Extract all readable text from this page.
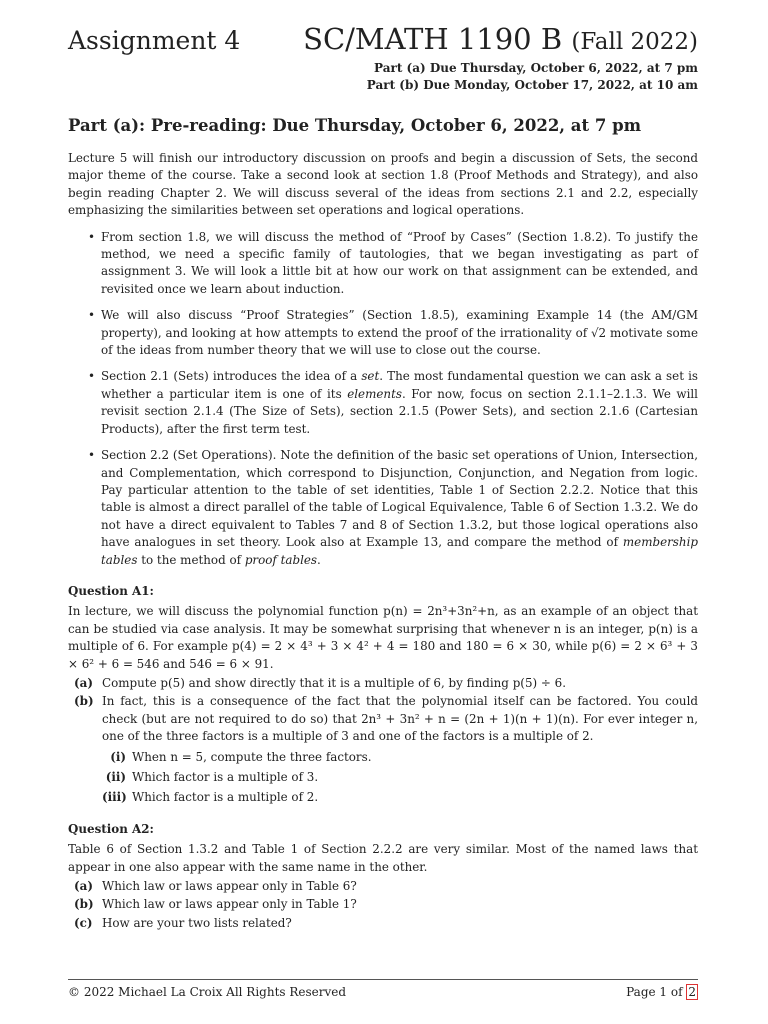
Assignment 4 SC/MATH 1190 B (Fall 2022)
Part (a) Due Thursday, October 6, 2022, at 7 pm
Part (b) Due Monday, October 17, 2022, at 10 am
Part (a): Pre-reading: Due Thursday, October 6, 2022, at 7 pm

Lecture 5 will finish our introductory discussion on proofs and begin a discussion of Sets, the second major theme of the course. Take a second look at section 1.8 (Proof Methods and Strategy), and also begin reading Chapter 2. We will discuss several of the ideas from sections 2.1 and 2.2, especially emphasizing the similarities between set operations and logical operations.

• From section 1.8, we will discuss the method of “Proof by Cases” (Section 1.8.2). To justify the method, we need a specific family of tautologies, that we began investigating as part of assignment 3. We will look a little bit at how our work on that assignment can be extended, and revisited once we learn about induction.
• We will also discuss “Proof Strategies” (Section 1.8.5), examining Example 14 (the AM/GM property), and looking at how attempts to extend the proof of the irrationality of √2 motivate some of the ideas from number theory that we will use to close out the course.
• Section 2.1 (Sets) introduces the idea of a set. The most fundamental question we can ask a set is whether a particular item is one of its elements. For now, focus on section 2.1.1–2.1.3. We will revisit section 2.1.4 (The Size of Sets), section 2.1.5 (Power Sets), and section 2.1.6 (Cartesian Products), after the first term test.
• Section 2.2 (Set Operations). Note the definition of the basic set operations of Union, Intersection, and Complementation, which correspond to Disjunction, Conjunction, and Negation from logic. Pay particular attention to the table of set identities, Table 1 of Section 2.2.2. Notice that this table is almost a direct parallel of the table of Logical Equivalence, Table 6 of Section 1.3.2. We do not have a direct equivalent to Tables 7 and 8 of Section 1.3.2, but those logical operations also have analogues in set theory. Look also at Example 13, and compare the method of membership tables to the method of proof tables.
Question A1:

In lecture, we will discuss the polynomial function p(n) = 2n³+3n²+n, as an example of an object that can be studied via case analysis. It may be somewhat surprising that whenever n is an integer, p(n) is a multiple of 6. For example p(4) = 2 × 4³ + 3 × 4² + 4 = 180 and 180 = 6 × 30, while p(6) = 2 × 6³ + 3 × 6² + 6 = 546 and 546 = 6 × 91.

(a) Compute p(5) and show directly that it is a multiple of 6, by finding p(5) ÷ 6.
(b) In fact, this is a consequence of the fact that the polynomial itself can be factored. You could check (but are not required to do so) that 2n³ + 3n² + n = (2n + 1)(n + 1)(n). For ever integer n, one of the three factors is a multiple of 3 and one of the factors is a multiple of 2.
(i) When n = 5, compute the three factors.
(ii) Which factor is a multiple of 3.
(iii) Which factor is a multiple of 2.
Question A2:

Table 6 of Section 1.3.2 and Table 1 of Section 2.2.2 are very similar. Most of the named laws that appear in one also appear with the same name in the other.

(a) Which law or laws appear only in Table 6?
(b) Which law or laws appear only in Table 1?
(c) How are your two lists related?
© 2022 Michael La Croix All Rights Reserved	Page 1 of 2
